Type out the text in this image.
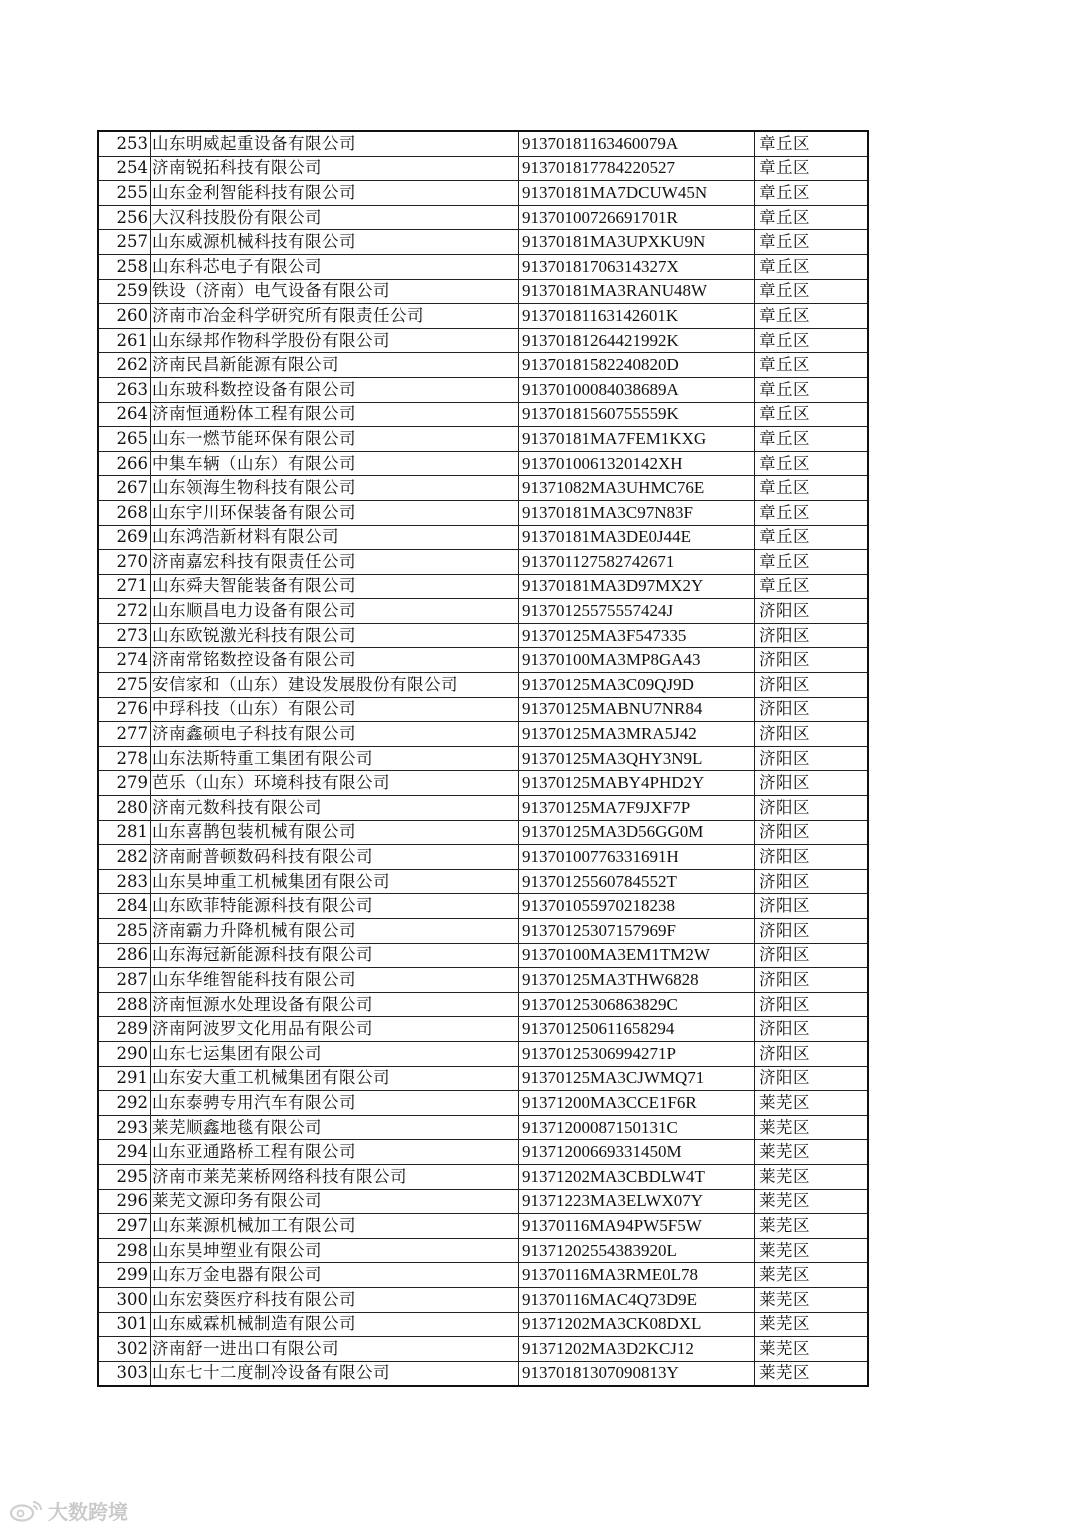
253	山东明威起重设备有限公司	91370181163460079A	章丘区
254	济南锐拓科技有限公司	913701817784220527	章丘区
255	山东金利智能科技有限公司	91370181MA7DCUW45N	章丘区
256	大汉科技股份有限公司	91370100726691701R	章丘区
257	山东威源机械科技有限公司	91370181MA3UPXKU9N	章丘区
258	山东科芯电子有限公司	91370181706314327X	章丘区
259	铁设（济南）电气设备有限公司	91370181MA3RANU48W	章丘区
260	济南市冶金科学研究所有限责任公司	91370181163142601K	章丘区
261	山东绿邦作物科学股份有限公司	91370181264421992K	章丘区
262	济南民昌新能源有限公司	91370181582240820D	章丘区
263	山东玻科数控设备有限公司	91370100084038689A	章丘区
264	济南恒通粉体工程有限公司	91370181560755559K	章丘区
265	山东一燃节能环保有限公司	91370181MA7FEM1KXG	章丘区
266	中集车辆（山东）有限公司	9137010061320142XH	章丘区
267	山东领海生物科技有限公司	91371082MA3UHMC76E	章丘区
268	山东宇川环保装备有限公司	91370181MA3C97N83F	章丘区
269	山东鸿浩新材料有限公司	91370181MA3DE0J44E	章丘区
270	济南嘉宏科技有限责任公司	913701127582742671	章丘区
271	山东舜夫智能装备有限公司	91370181MA3D97MX2Y	章丘区
272	山东顺昌电力设备有限公司	91370125575557424J	济阳区
273	山东欧锐激光科技有限公司	91370125MA3F547335	济阳区
274	济南常铭数控设备有限公司	91370100MA3MP8GA43	济阳区
275	安信家和（山东）建设发展股份有限公司	91370125MA3C09QJ9D	济阳区
276	中琈科技（山东）有限公司	91370125MABNU7NR84	济阳区
277	济南鑫硕电子科技有限公司	91370125MA3MRA5J42	济阳区
278	山东法斯特重工集团有限公司	91370125MA3QHY3N9L	济阳区
279	芭乐（山东）环境科技有限公司	91370125MABY4PHD2Y	济阳区
280	济南元数科技有限公司	91370125MA7F9JXF7P	济阳区
281	山东喜鹊包装机械有限公司	91370125MA3D56GG0M	济阳区
282	济南耐普顿数码科技有限公司	91370100776331691H	济阳区
283	山东昊坤重工机械集团有限公司	91370125560784552T	济阳区
284	山东欧菲特能源科技有限公司	913701055970218238	济阳区
285	济南霸力升降机械有限公司	91370125307157969F	济阳区
286	山东海冠新能源科技有限公司	91370100MA3EM1TM2W	济阳区
287	山东华维智能科技有限公司	91370125MA3THW6828	济阳区
288	济南恒源水处理设备有限公司	91370125306863829C	济阳区
289	济南阿波罗文化用品有限公司	913701250611658294	济阳区
290	山东七运集团有限公司	91370125306994271P	济阳区
291	山东安大重工机械集团有限公司	91370125MA3CJWMQ71	济阳区
292	山东泰骋专用汽车有限公司	91371200MA3CCE1F6R	莱芜区
293	莱芜顺鑫地毯有限公司	91371200087150131C	莱芜区
294	山东亚通路桥工程有限公司	91371200669331450M	莱芜区
295	济南市莱芜莱桥网络科技有限公司	91371202MA3CBDLW4T	莱芜区
296	莱芜文源印务有限公司	91371223MA3ELWX07Y	莱芜区
297	山东莱源机械加工有限公司	91370116MA94PW5F5W	莱芜区
298	山东昊坤塑业有限公司	91371202554383920L	莱芜区
299	山东万金电器有限公司	91370116MA3RME0L78	莱芜区
300	山东宏葵医疗科技有限公司	91370116MAC4Q73D9E	莱芜区
301	山东威霖机械制造有限公司	91371202MA3CK08DXL	莱芜区
302	济南舒一进出口有限公司	91371202MA3D2KCJ12	莱芜区
303	山东七十二度制冷设备有限公司	91370181307090813Y	莱芜区
大数跨境
